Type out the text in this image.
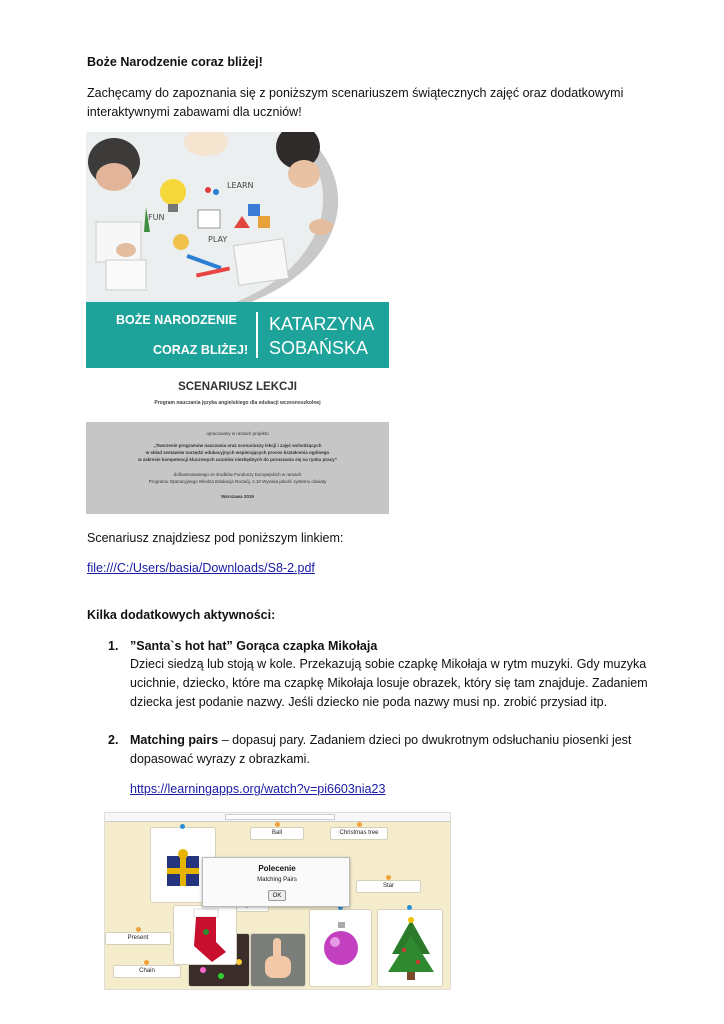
Boże Narodzenie coraz bliżej!
Zachęcamy do zapoznania się z poniższym scenariuszem świątecznych zajęć oraz dodatkowymi interaktywnymi zabawami dla uczniów!
LEARN
FUN
PLAY
BOŻE NARODZENIE
CORAZ BLIŻEJ!
KATARZYNA
SOBAŃSKA
SCENARIUSZ LEKCJI
Program nauczania języka angielskiego dla edukacji wczesnoszkolnej
opracowany w ramach projektu
„Tworzenie programów nauczania oraz scenariuszy lekcji i zajęć wchodzących
w skład zestawów narzędzi edukacyjnych wspierających proces kształcenia ogólnego
w zakresie kompetencji kluczowych uczniów niezbędnych do poruszania się na rynku pracy”
dofinansowanego ze środków Funduszy Europejskich w ramach
Programu Operacyjnego Wiedza Edukacja Rozwój, 2.10 Wysoka jakość systemu oświaty
Warszawa 2019
Scenariusz znajdziesz pod poniższym linkiem:
file:///C:/Users/basia/Downloads/S8-2.pdf
Kilka dodatkowych aktywności:
1. ”Santa`s hot hat” Gorąca czapka Mikołaja
Dzieci siedzą lub stoją w kole. Przekazują sobie czapkę Mikołaja w rytm muzyki. Gdy muzyka ucichnie, dziecko, które ma czapkę Mikołaja losuje obrazek, który się tam znajduje. Zadaniem dziecka jest podanie nazwy. Jeśli dziecko nie poda nazwy musi np. zrobić przysiad itp.
2. Matching pairs – dopasuj pary. Zadaniem dzieci po dwukrotnym odsłuchaniu piosenki jest dopasować wyrazy z obrazkami.
https://learningapps.org/watch?v=pi6603nia23
Ball	Christmas tree
Star
Present
Chain
Polecenie
Matching Pairs
OK
